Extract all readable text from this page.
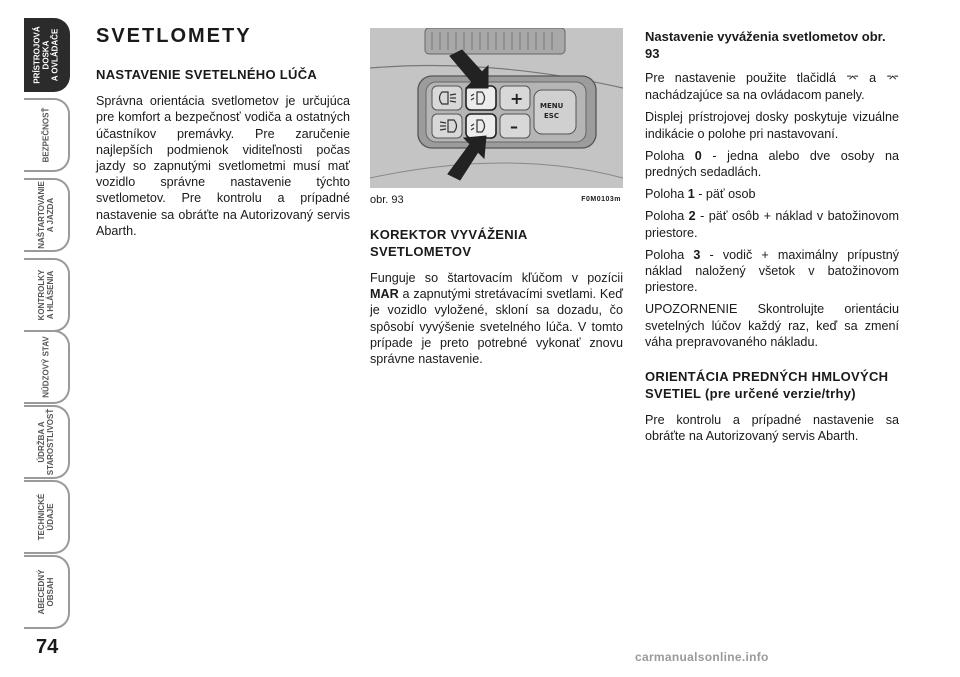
PRÍSTROJOVÁ DOSKA
A OVLÁDAČE
BEZPEČNOSŤ
NAŠTARTOVANIE
A JAZDA
KONTROLKY
A HLÁSENIA
NÚDZOVÝ STAV
ÚDRŽBA A
STAROSTLIVOSŤ
TECHNICKÉ
ÚDAJE
ABECEDNÝ
OBSAH
74
SVETLOMETY
NASTAVENIE SVETELNÉHO LÚČA

Správna orientácia svetlometov je určujúca pre komfort a bezpečnosť vodiča a ostatných účastníkov premávky. Pre zaručenie najlepších podmienok viditeľnosti počas jazdy so zapnutými svetlometmi musí mať vozidlo správne nastavenie týchto svetlometov. Pre kontrolu a prípadné nastavenie sa obráťte na Autorizovaný servis Abarth.

+
–
MENU
ESC
obr. 93	F0M0103m
KOREKTOR VYVÁŽENIA SVETLOMETOV

Funguje so štartovacím kľúčom v pozícii MAR a zapnutými stretávacími svetlami. Keď je vozidlo vyložené, skloní sa dozadu, čo spôsobí vyvýšenie svetelného lúča. V tomto prípade je preto potrebné vykonať znovu správne nastavenie.

Nastavenie vyváženia svetlometov obr. 93

Pre nastavenie použite tlačidlá ⌤ a ⌤ nachádzajúce sa na ovládacom panely.

Displej prístrojovej dosky poskytuje vizuálne indikácie o polohe pri nastavovaní.

Poloha 0 - jedna alebo dve osoby na predných sedadlách.

Poloha 1 - päť osob

Poloha 2 - päť osôb + náklad v batožinovom priestore.

Poloha 3 - vodič + maximálny prípustný náklad naložený všetok v batožinovom priestore.

UPOZORNENIE Skontrolujte orientáciu svetelných lúčov každý raz, keď sa zmení váha prepravovaného nákladu.

ORIENTÁCIA PREDNÝCH HMLOVÝCH SVETIEL (pre určené verzie/trhy)

Pre kontrolu a prípadné nastavenie sa obráťte na Autorizovaný servis Abarth.

carmanualsonline.info
